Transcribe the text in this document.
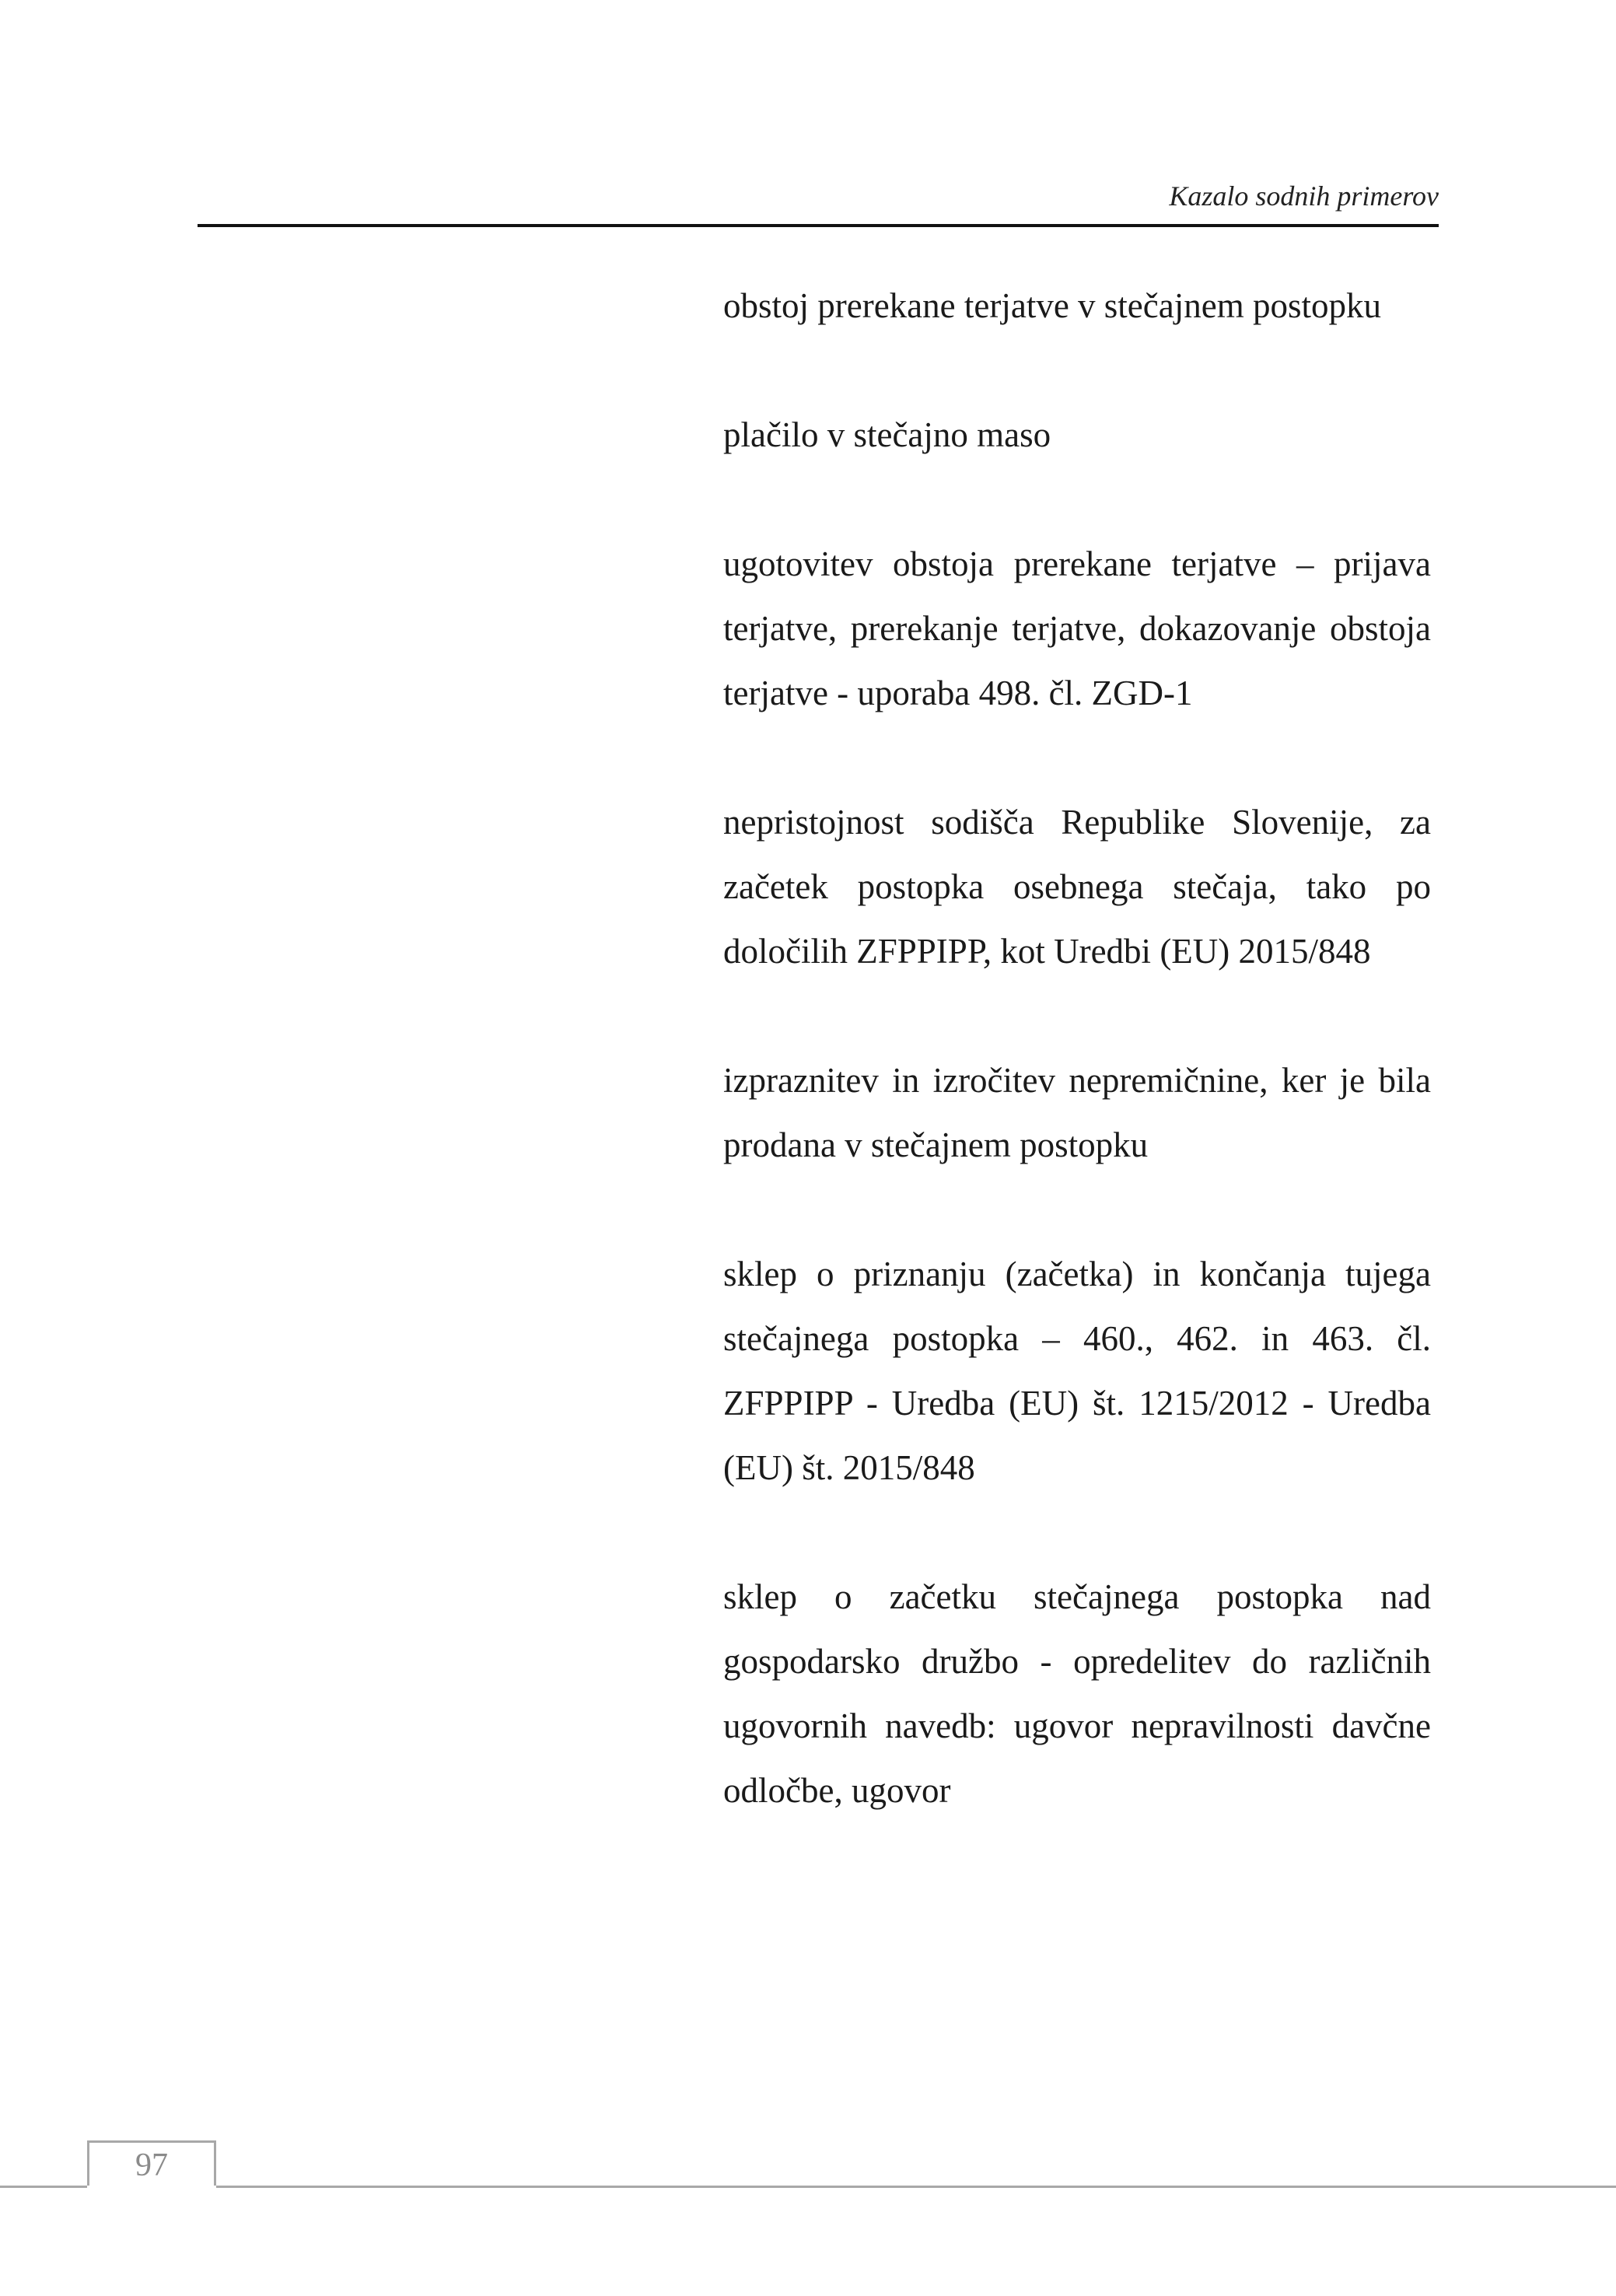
Kazalo sodnih primerov

obstoj prerekane terjatve v stečajnem postopku

plačilo v stečajno maso

ugotovitev obstoja prerekane terjatve – prijava terjatve, prerekanje terjatve, dokazovanje obstoja terjatve - uporaba 498. čl. ZGD-1

nepristojnost sodišča Republike Slovenije, za začetek postopka osebnega stečaja, tako po določilih ZFPPIPP, kot Uredbi (EU) 2015/848

izpraznitev in izročitev nepremičnine, ker je bila prodana v stečajnem postopku

sklep o priznanju (začetka) in končanja tujega stečajnega postopka – 460., 462. in 463. čl. ZFPPIPP - Uredba (EU) št. 1215/2012 - Uredba (EU) št. 2015/848

sklep o začetku stečajnega postopka nad gospodarsko družbo - opredelitev do različnih ugovornih navedb: ugovor nepravilnosti davčne odločbe, ugovor

97
